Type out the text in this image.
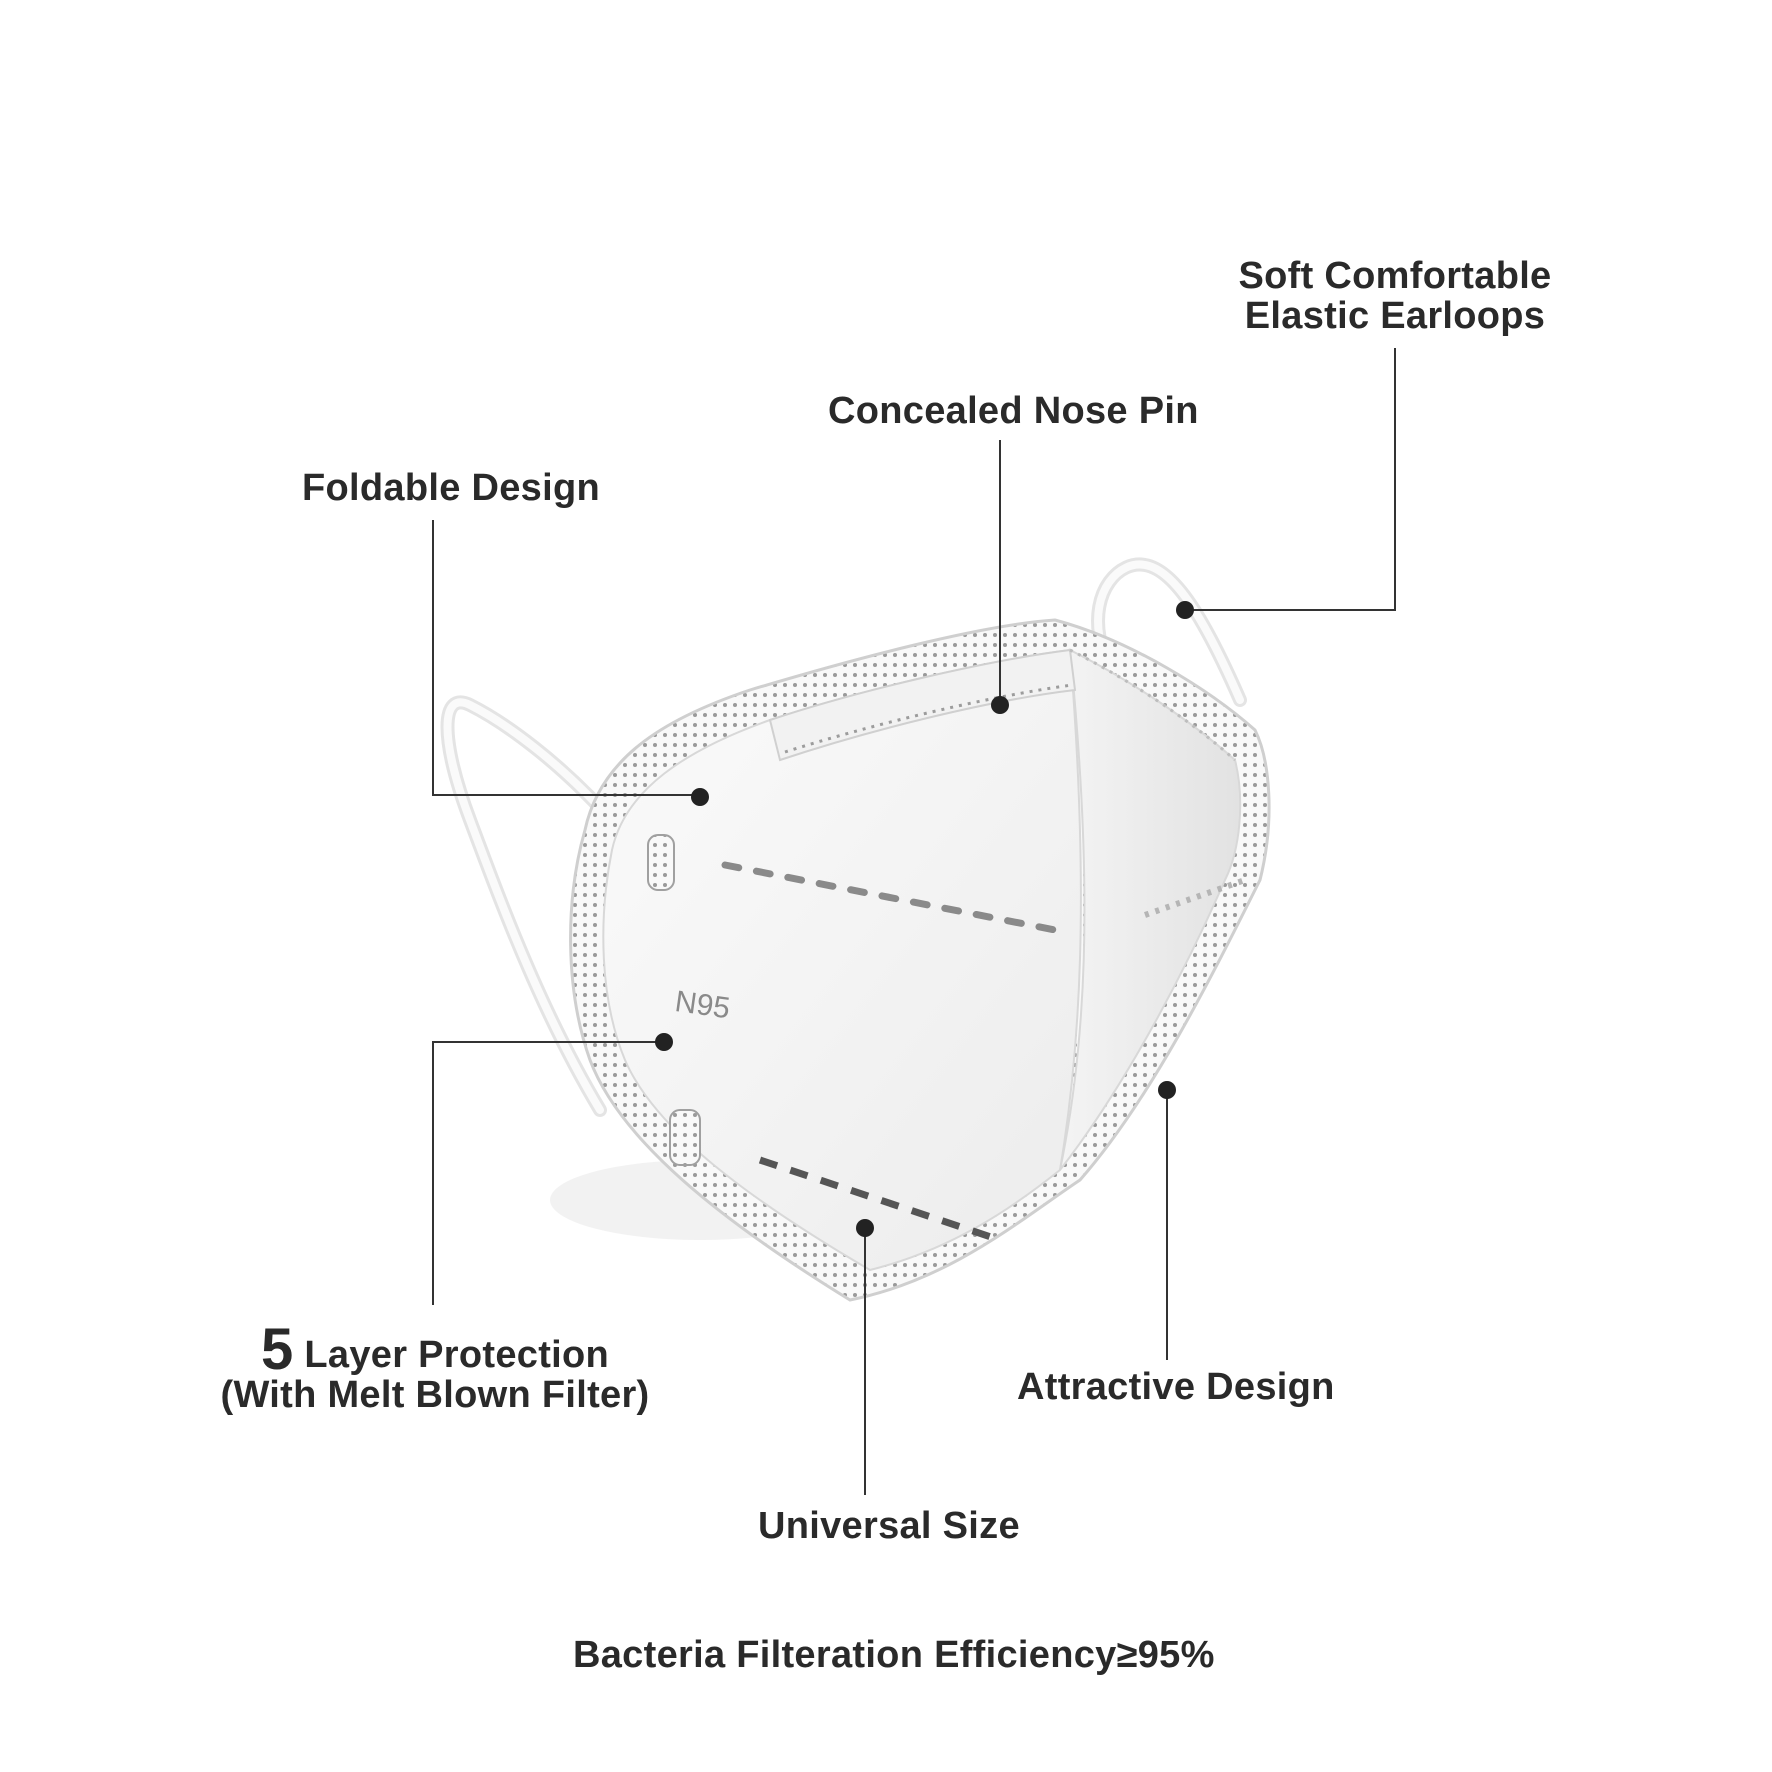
N95
Soft Comfortable
Elastic Earloops
Concealed Nose Pin
Foldable Design
5 Layer Protection
(With Melt Blown Filter)	Attractive Design
Universal Size
Bacteria Filteration Efficiency≥95%
